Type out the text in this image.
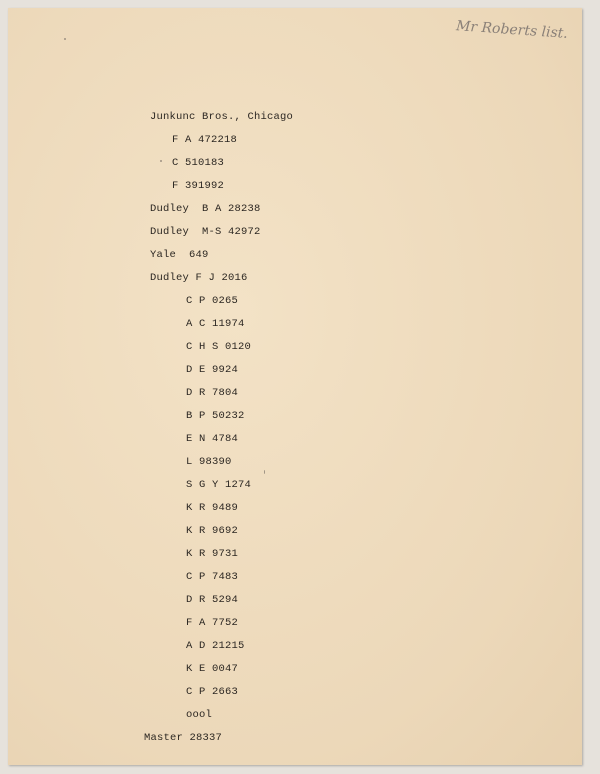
Mr Roberts list.
Junkunc Bros., Chicago
F A 472218
C 510183
F 391992
Dudley  B A 28238
Dudley  M-S 42972
Yale  649
Dudley F J 2016
C P 0265
A C 11974
C H S 0120
D E 9924
D R 7804
B P 50232
E N 4784
L 98390
S G Y 1274
K R 9489
K R 9692
K R 9731
C P 7483
D R 5294
F A 7752
A D 21215
K E 0047
C P 2663
oool
Master 28337
